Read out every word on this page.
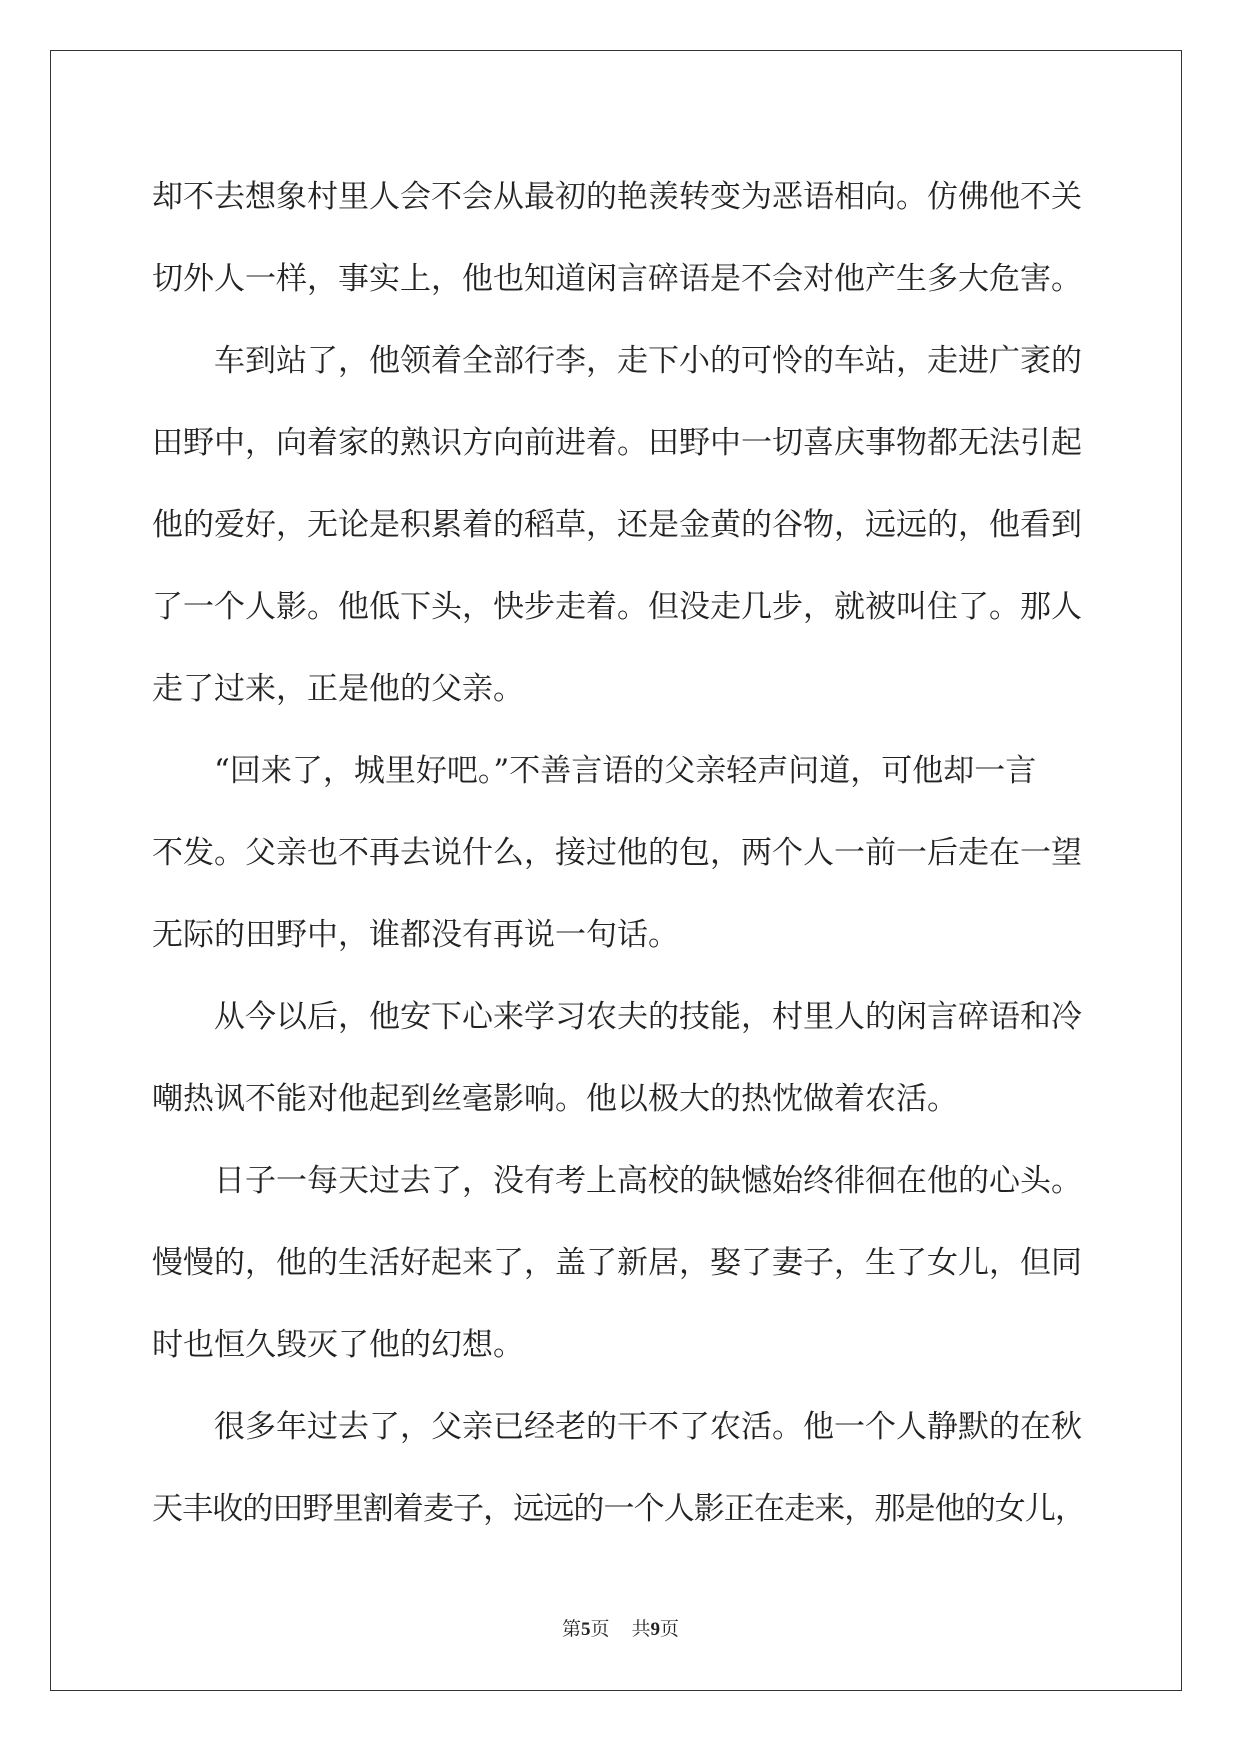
却不去想象村里人会不会从最初的艳羡转变为恶语相向。仿佛他不关
切外人一样，事实上，他也知道闲言碎语是不会对他产生多大危害。
车到站了，他领着全部行李，走下小的可怜的车站，走进广袤的
田野中，向着家的熟识方向前进着。田野中一切喜庆事物都无法引起
他的爱好，无论是积累着的稻草，还是金黄的谷物，远远的，他看到
了一个人影。他低下头，快步走着。但没走几步，就被叫住了。那人
走了过来，正是他的父亲。
“回来了，城里好吧。”不善言语的父亲轻声问道，可他却一言
不发。父亲也不再去说什么，接过他的包，两个人一前一后走在一望
无际的田野中，谁都没有再说一句话。
从今以后，他安下心来学习农夫的技能，村里人的闲言碎语和冷
嘲热讽不能对他起到丝毫影响。他以极大的热忱做着农活。
日子一每天过去了，没有考上高校的缺憾始终徘徊在他的心头。
慢慢的，他的生活好起来了，盖了新居，娶了妻子，生了女儿，但同
时也恒久毁灭了他的幻想。
很多年过去了，父亲已经老的干不了农活。他一个人静默的在秋
天丰收的田野里割着麦子，远远的一个人影正在走来，那是他的女儿，
第5页 共9页
